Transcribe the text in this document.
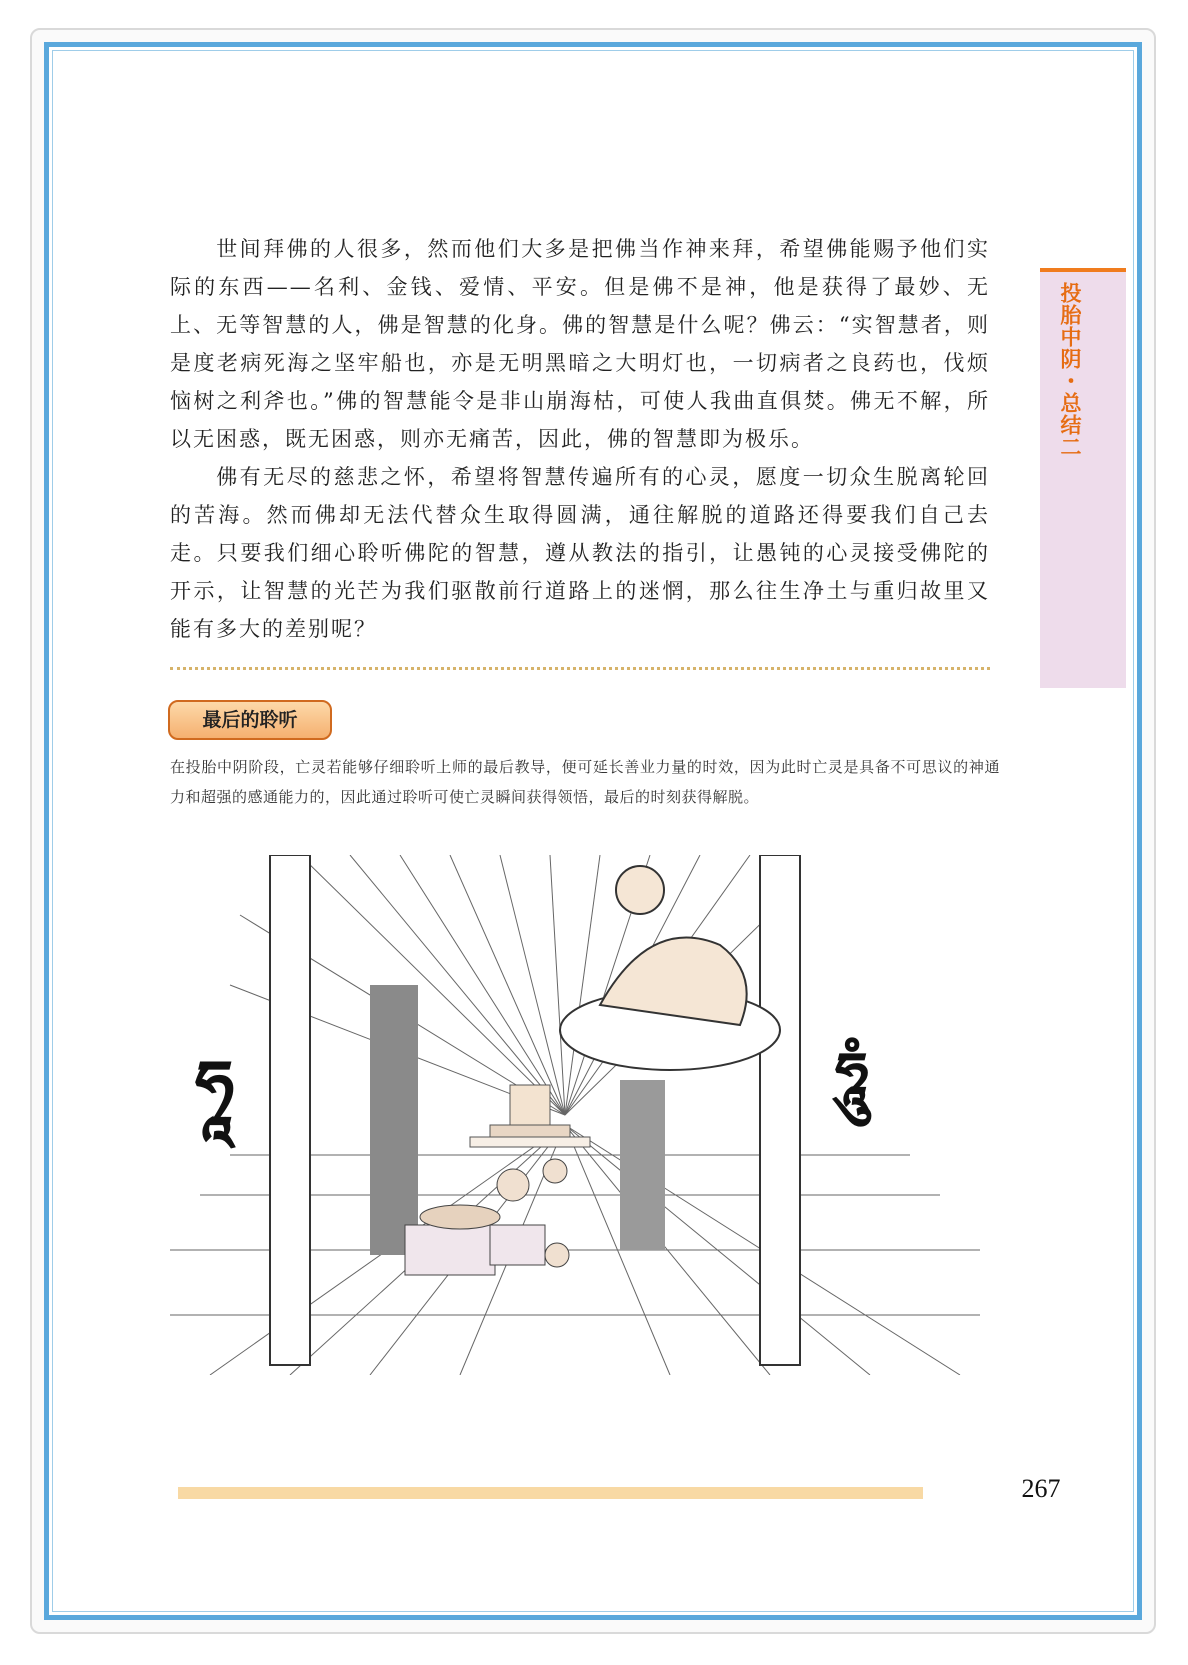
投胎中阴・总结二

世间拜佛的人很多，然而他们大多是把佛当作神来拜，希望佛能赐予他们实际的东西——名利、金钱、爱情、平安。但是佛不是神，他是获得了最妙、无上、无等智慧的人，佛是智慧的化身。佛的智慧是什么呢？佛云：“实智慧者，则是度老病死海之坚牢船也，亦是无明黑暗之大明灯也，一切病者之良药也，伐烦恼树之利斧也。”佛的智慧能令是非山崩海枯，可使人我曲直俱焚。佛无不解，所以无困惑，既无困惑，则亦无痛苦，因此，佛的智慧即为极乐。

佛有无尽的慈悲之怀，希望将智慧传遍所有的心灵，愿度一切众生脱离轮回的苦海。然而佛却无法代替众生取得圆满，通往解脱的道路还得要我们自己去走。只要我们细心聆听佛陀的智慧，遵从教法的指引，让愚钝的心灵接受佛陀的开示，让智慧的光芒为我们驱散前行道路上的迷惘，那么往生净土与重归故里又能有多大的差别呢？

最后的聆听
在投胎中阴阶段，亡灵若能够仔细聆听上师的最后教导，便可延长善业力量的时效，因为此时亡灵是具备不可思议的神通力和超强的感通能力的，因此通过聆听可使亡灵瞬间获得领悟，最后的时刻获得解脱。
ཧཱ	ཧཱུཾ
267
